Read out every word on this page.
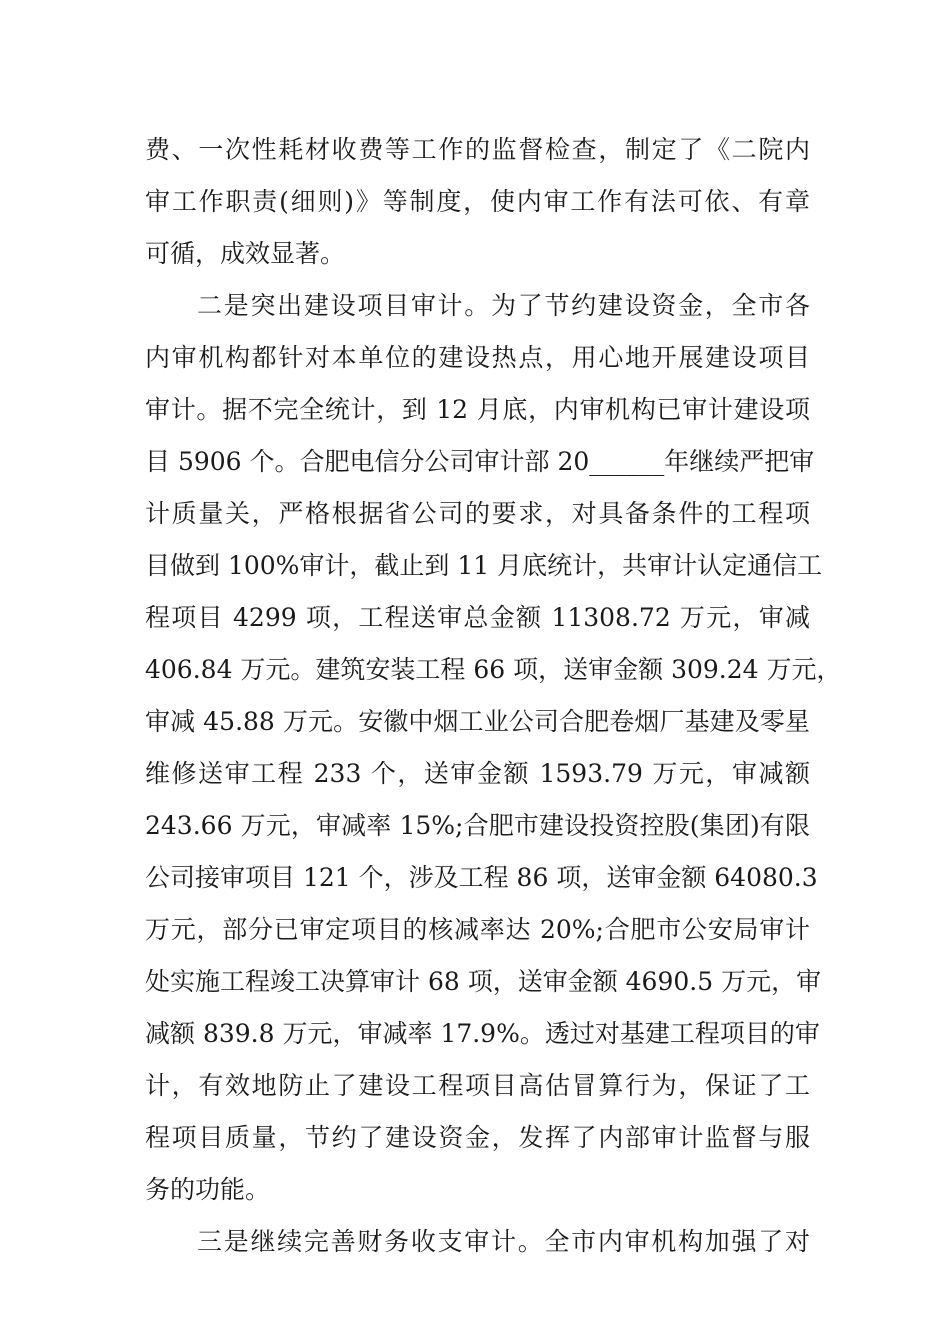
费、一次性耗材收费等工作的监督检查，制定了《二院内
审工作职责(细则)》等制度，使内审工作有法可依、有章
可循，成效显著。
二是突出建设项目审计。为了节约建设资金，全市各
内审机构都针对本单位的建设热点，用心地开展建设项目
审计。据不完全统计，到 12 月底，内审机构已审计建设项
目 5906 个。合肥电信分公司审计部 20______年继续严把审
计质量关，严格根据省公司的要求，对具备条件的工程项
目做到 100%审计，截止到 11 月底统计，共审计认定通信工
程项目 4299 项，工程送审总金额 11308.72 万元，审减
406.84 万元。建筑安装工程 66 项，送审金额 309.24 万元，
审减 45.88 万元。安徽中烟工业公司合肥卷烟厂基建及零星
维修送审工程 233 个，送审金额 1593.79 万元，审减额
243.66 万元，审减率 15%;合肥市建设投资控股(集团)有限
公司接审项目 121 个，涉及工程 86 项，送审金额 64080.3
万元，部分已审定项目的核减率达 20%;合肥市公安局审计
处实施工程竣工决算审计 68 项，送审金额 4690.5 万元，审
减额 839.8 万元，审减率 17.9%。透过对基建工程项目的审
计，有效地防止了建设工程项目高估冒算行为，保证了工
程项目质量，节约了建设资金，发挥了内部审计监督与服
务的功能。
三是继续完善财务收支审计。全市内审机构加强了对
